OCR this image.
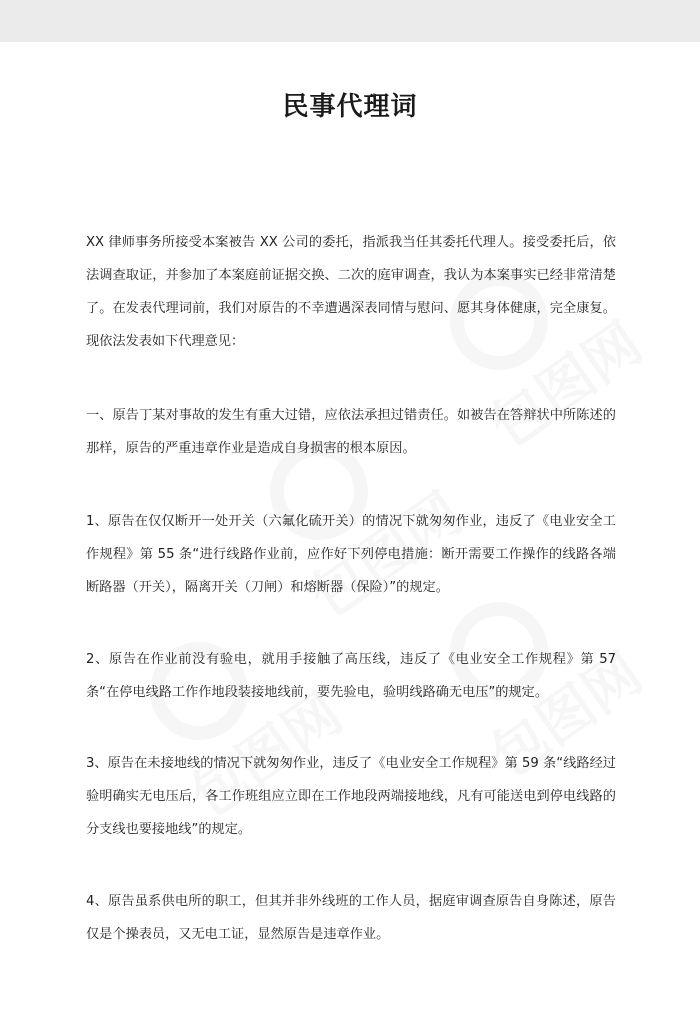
民事代理词

XX 律师事务所接受本案被告 XX 公司的委托，指派我当任其委托代理人。接受委托后，依法调查取证，并参加了本案庭前证据交换、二次的庭审调查，我认为本案事实已经非常清楚了。在发表代理词前，我们对原告的不幸遭遇深表同情与慰问、愿其身体健康，完全康复。现依法发表如下代理意见：

一、原告丁某对事故的发生有重大过错，应依法承担过错责任。如被告在答辩状中所陈述的那样，原告的严重违章作业是造成自身损害的根本原因。

1、原告在仅仅断开一处开关（六氟化硫开关）的情况下就匆匆作业，违反了《电业安全工作规程》第 55 条“进行线路作业前，应作好下列停电措施：断开需要工作操作的线路各端断路器（开关），隔离开关（刀闸）和熔断器（保险）”的规定。

2、原告在作业前没有验电，就用手接触了高压线，违反了《电业安全工作规程》第 57 条“在停电线路工作作地段装接地线前，要先验电，验明线路确无电压”的规定。

3、原告在未接地线的情况下就匆匆作业，违反了《电业安全工作规程》第 59 条“线路经过验明确实无电压后，各工作班组应立即在工作地段两端接地线，凡有可能送电到停电线路的分支线也要接地线”的规定。

4、原告虽系供电所的职工，但其并非外线班的工作人员，据庭审调查原告自身陈述，原告仅是个操表员，又无电工证，显然原告是违章作业。
